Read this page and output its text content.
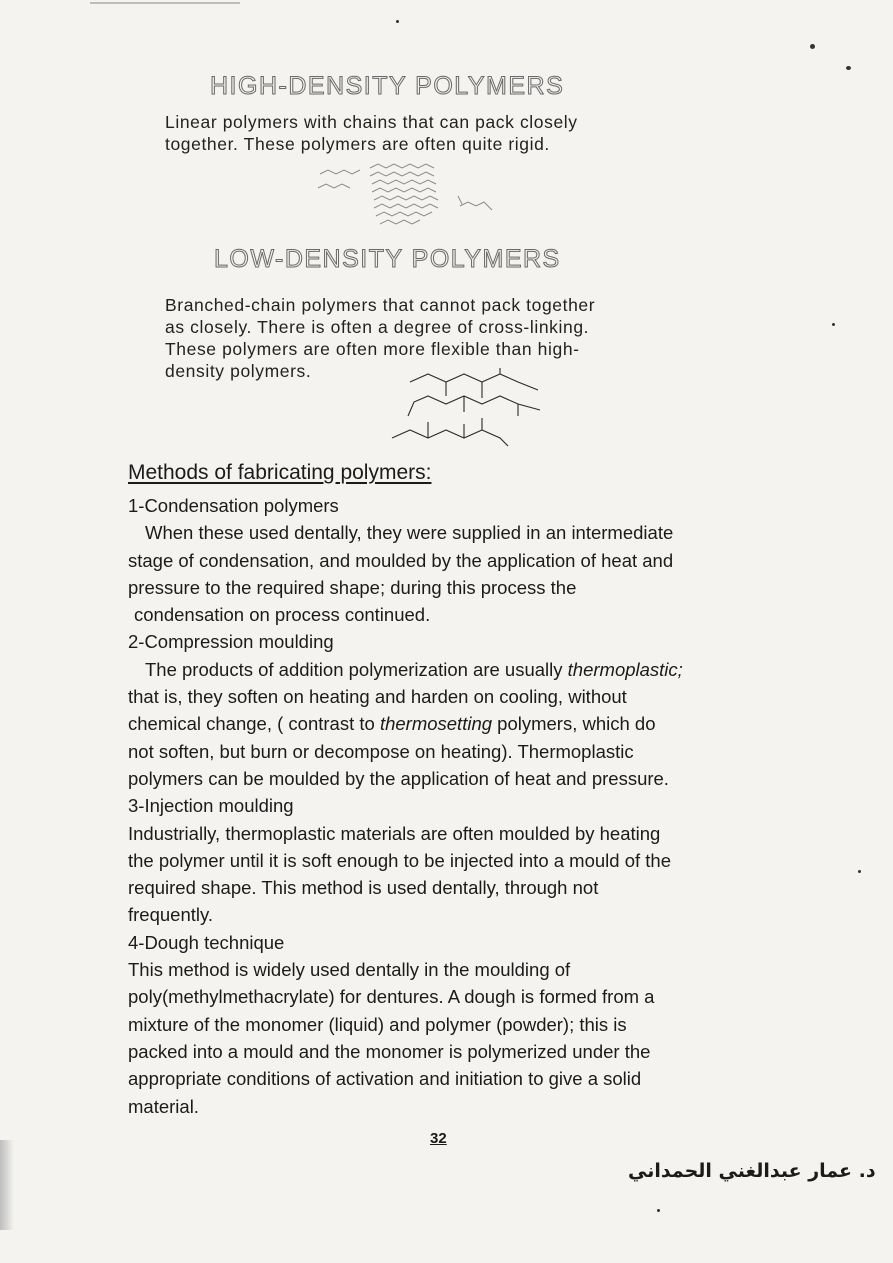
HIGH-DENSITY POLYMERS
Linear polymers with chains that can pack closely
together. These polymers are often quite rigid.
LOW-DENSITY POLYMERS
Branched-chain polymers that cannot pack together
as closely. There is often a degree of cross-linking.
These polymers are often more flexible than high-
density polymers.
Methods of fabricating polymers:

1-Condensation polymers

When these used dentally, they were supplied in an intermediate

stage of condensation, and moulded by the application of heat and

pressure to the required shape; during this process the

condensation on process continued.

2-Compression moulding

The products of addition polymerization are usually thermoplastic;

that is, they soften on heating and harden on cooling, without

chemical change, ( contrast to thermosetting polymers, which do

not soften, but burn or decompose on heating). Thermoplastic

polymers can be moulded by the application of heat and pressure.

3-Injection moulding

Industrially, thermoplastic materials are often moulded by heating

the polymer until it is soft enough to be injected into a mould of the

required shape. This method is used dentally, through not

frequently.

4-Dough technique

This method is widely used dentally in the moulding of

poly(methylmethacrylate) for dentures. A dough is formed from a

mixture of the monomer (liquid) and polymer (powder); this is

packed into a mould and the monomer is polymerized under the

appropriate conditions of activation and initiation to give a solid

material.

32

د. عمار عبدالغني الحمداني
